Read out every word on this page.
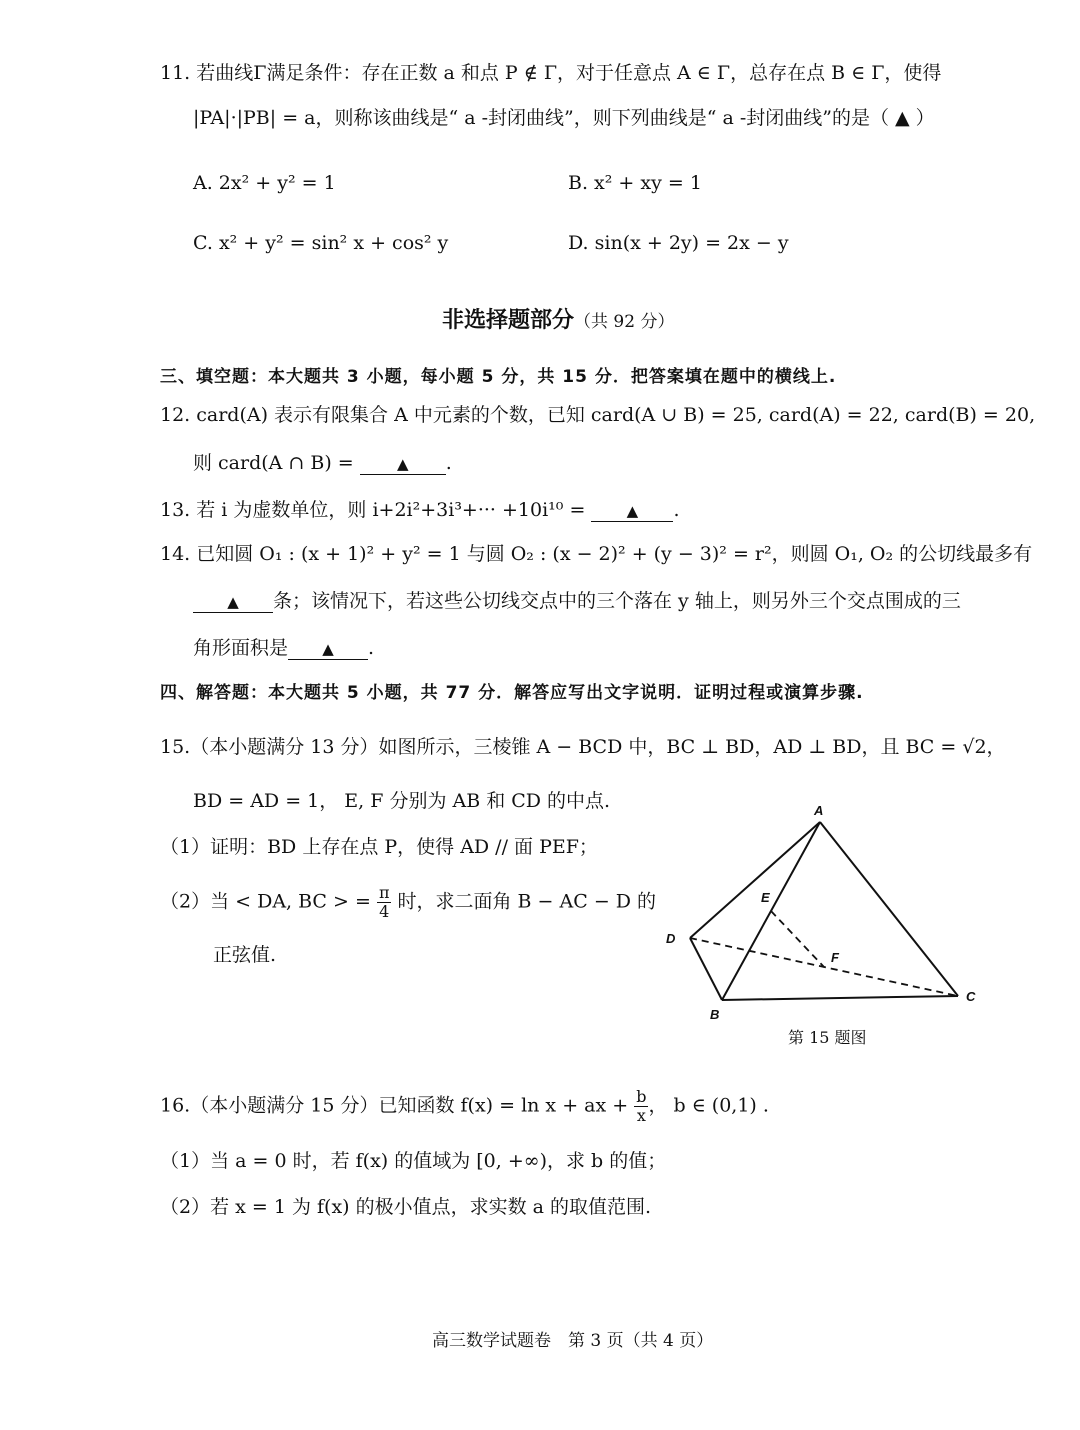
11. 若曲线Γ满足条件：存在正数 a 和点 P ∉ Γ，对于任意点 A ∈ Γ，总存在点 B ∈ Γ，使得
|PA|·|PB| = a，则称该曲线是“ a -封闭曲线”，则下列曲线是“ a -封闭曲线”的是（ ▲ ）
A. 2x² + y² = 1	B. x² + xy = 1
C. x² + y² = sin² x + cos² y	D. sin(x + 2y) = 2x − y
非选择题部分（共 92 分）
三、填空题：本大题共 3 小题，每小题 5 分，共 15 分．把答案填在题中的横线上.
12. card(A) 表示有限集合 A 中元素的个数，已知 card(A ∪ B) = 25, card(A) = 22, card(B) = 20,
则 card(A ∩ B) =	▲ .
13. 若 i 为虚数单位，则 i+2i²+3i³+··· +10i¹⁰ =	▲ .
14. 已知圆 O₁ : (x + 1)² + y² = 1 与圆 O₂ : (x − 2)² + (y − 3)² = r²，则圆 O₁, O₂ 的公切线最多有
▲ 条；该情况下，若这些公切线交点中的三个落在 y 轴上，则另外三个交点围成的三
角形面积是 ▲ .
四、解答题：本大题共 5 小题，共 77 分．解答应写出文字说明．证明过程或演算步骤.
15.（本小题满分 13 分）如图所示，三棱锥 A − BCD 中，BC ⊥ BD，AD ⊥ BD，且 BC = √2，
BD = AD = 1， E, F 分别为 AB 和 CD 的中点.
（1）证明：BD 上存在点 P，使得 AD // 面 PEF；
（2）当 < DA, BC > = $\frac{\pi}{4}$ 时，求二面角 B − AC − D 的
正弦值.
A
D
B
C
E
F
第 15 题图
16.（本小题满分 15 分）已知函数 f(x) = ln x + ax + $\frac{b}{x}$ ， b ∈ (0,1) .
（1）当 a = 0 时，若 f(x) 的值域为 [0, +∞)，求 b 的值；
（2）若 x = 1 为 f(x) 的极小值点，求实数 a 的取值范围.
高三数学试题卷　第 3 页（共 4 页）
